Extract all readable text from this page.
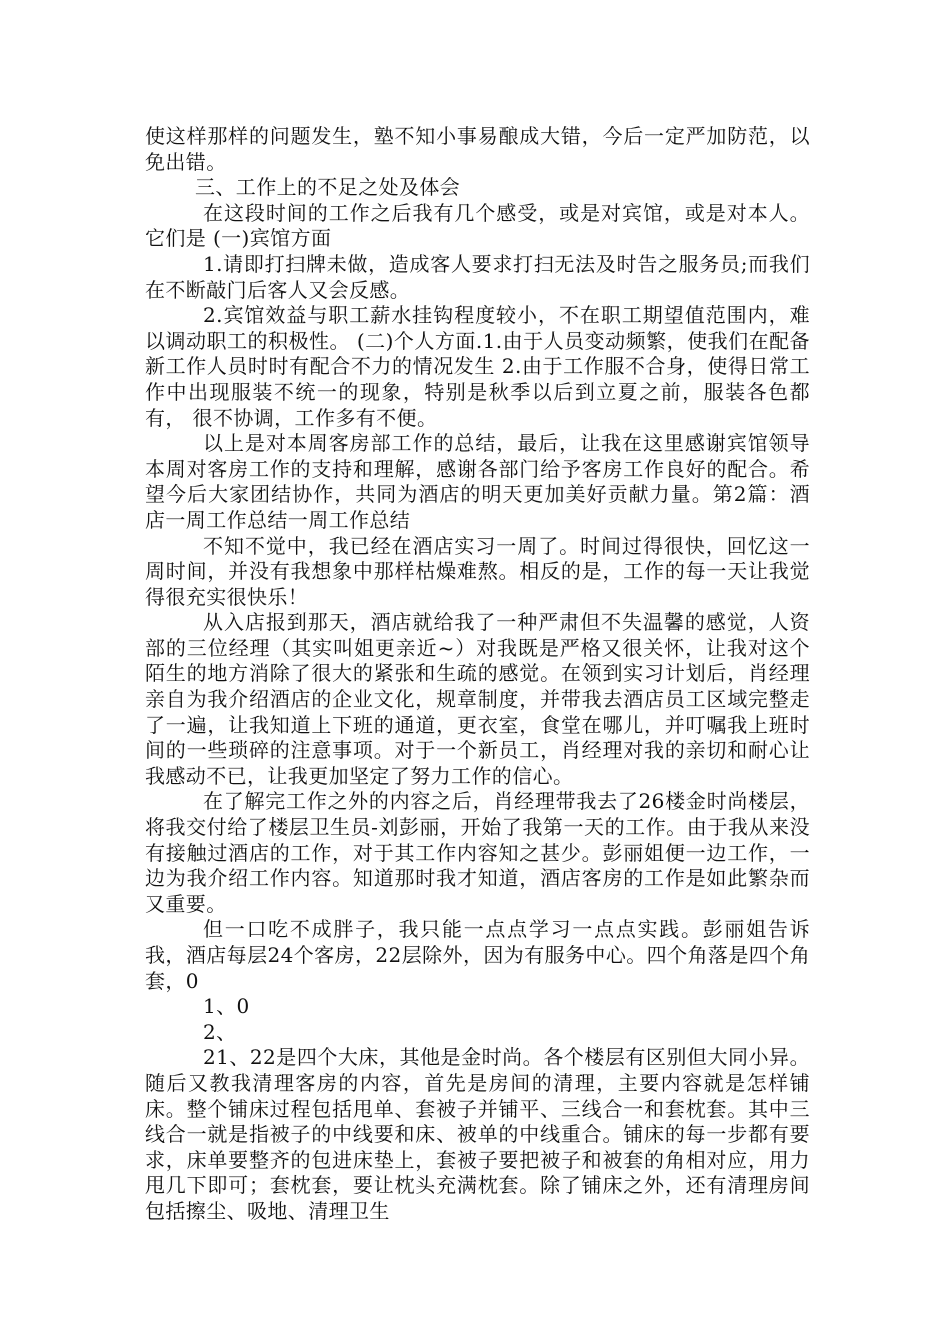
使这样那样的问题发生，塾不知小事易酿成大错，今后一定严加防范，以免出错。

三、工作上的不足之处及体会

在这段时间的工作之后我有几个感受，或是对宾馆，或是对本人。它们是 (一)宾馆方面

1.请即打扫牌未做，造成客人要求打扫无法及时告之服务员;而我们在不断敲门后客人又会反感。

2.宾馆效益与职工薪水挂钩程度较小，不在职工期望值范围内，难以调动职工的积极性。 (二)个人方面.1.由于人员变动频繁，使我们在配备新工作人员时时有配合不力的情况发生 2.由于工作服不合身，使得日常工作中出现服装不统一的现象，特别是秋季以后到立夏之前，服装各色都有， 很不协调，工作多有不便。

以上是对本周客房部工作的总结，最后，让我在这里感谢宾馆领导本周对客房工作的支持和理解，感谢各部门给予客房工作良好的配合。希望今后大家团结协作，共同为酒店的明天更加美好贡献力量。第2篇：酒店一周工作总结一周工作总结

不知不觉中，我已经在酒店实习一周了。时间过得很快，回忆这一周时间，并没有我想象中那样枯燥难熬。相反的是，工作的每一天让我觉得很充实很快乐！

从入店报到那天，酒店就给我了一种严肃但不失温馨的感觉，人资部的三位经理（其实叫姐更亲近~）对我既是严格又很关怀，让我对这个陌生的地方消除了很大的紧张和生疏的感觉。在领到实习计划后，肖经理亲自为我介绍酒店的企业文化，规章制度，并带我去酒店员工区域完整走了一遍，让我知道上下班的通道，更衣室，食堂在哪儿，并叮嘱我上班时间的一些琐碎的注意事项。对于一个新员工，肖经理对我的亲切和耐心让我感动不已，让我更加坚定了努力工作的信心。

在了解完工作之外的内容之后，肖经理带我去了26楼金时尚楼层，将我交付给了楼层卫生员-刘彭丽，开始了我第一天的工作。由于我从来没有接触过酒店的工作，对于其工作内容知之甚少。彭丽姐便一边工作，一边为我介绍工作内容。知道那时我才知道，酒店客房的工作是如此繁杂而又重要。

但一口吃不成胖子，我只能一点点学习一点点实践。彭丽姐告诉我，酒店每层24个客房，22层除外，因为有服务中心。四个角落是四个角套，0

1、0

2、

21、22是四个大床，其他是金时尚。各个楼层有区别但大同小异。随后又教我清理客房的内容，首先是房间的清理，主要内容就是怎样铺床。整个铺床过程包括甩单、套被子并铺平、三线合一和套枕套。其中三线合一就是指被子的中线要和床、被单的中线重合。铺床的每一步都有要求，床单要整齐的包进床垫上，套被子要把被子和被套的角相对应，用力甩几下即可；套枕套，要让枕头充满枕套。除了铺床之外，还有清理房间包括擦尘、吸地、清理卫生
